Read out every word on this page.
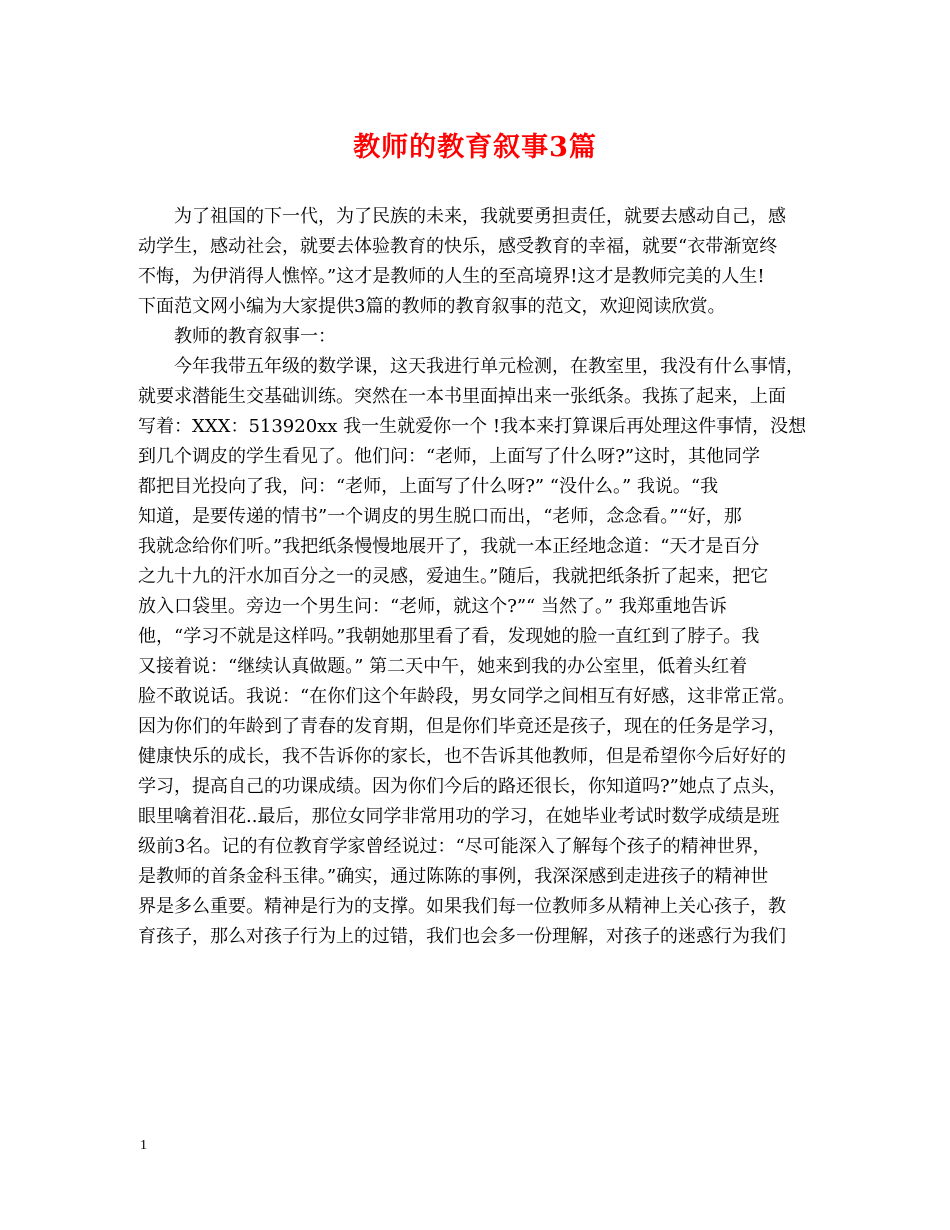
教师的教育叙事3篇

为了祖国的下一代，为了民族的未来，我就要勇担责任，就要去感动自己，感

动学生，感动社会，就要去体验教育的快乐，感受教育的幸福，就要“衣带渐宽终

不悔，为伊消得人憔悴。”这才是教师的人生的至高境界!这才是教师完美的人生!

下面范文网小编为大家提供3篇的教师的教育叙事的范文，欢迎阅读欣赏。

教师的教育叙事一：

今年我带五年级的数学课，这天我进行单元检测，在教室里，我没有什么事情，

就要求潜能生交基础训练。突然在一本书里面掉出来一张纸条。我拣了起来，上面

写着：XXX：513920xx 我一生就爱你一个 !我本来打算课后再处理这件事情，没想

到几个调皮的学生看见了。他们问：“老师，上面写了什么呀?”这时，其他同学

都把目光投向了我，问：“老师，上面写了什么呀?” “没什么。” 我说。“我

知道，是要传递的情书”一个调皮的男生脱口而出，“老师，念念看。”“好，那

我就念给你们听。”我把纸条慢慢地展开了，我就一本正经地念道：“天才是百分

之九十九的汗水加百分之一的灵感，爱迪生。”随后，我就把纸条折了起来，把它

放入口袋里。旁边一个男生问：“老师，就这个?”“ 当然了。” 我郑重地告诉

他，“学习不就是这样吗。”我朝她那里看了看，发现她的脸一直红到了脖子。我

又接着说：“继续认真做题。” 第二天中午，她来到我的办公室里，低着头红着

脸不敢说话。我说：“在你们这个年龄段，男女同学之间相互有好感，这非常正常。

因为你们的年龄到了青春的发育期，但是你们毕竟还是孩子，现在的任务是学习，

健康快乐的成长，我不告诉你的家长，也不告诉其他教师，但是希望你今后好好的

学习，提高自己的功课成绩。因为你们今后的路还很长，你知道吗?”她点了点头，

眼里噙着泪花..最后，那位女同学非常用功的学习，在她毕业考试时数学成绩是班

级前3名。记的有位教育学家曾经说过：“尽可能深入了解每个孩子的精神世界，

是教师的首条金科玉律。”确实，通过陈陈的事例，我深深感到走进孩子的精神世

界是多么重要。精神是行为的支撑。如果我们每一位教师多从精神上关心孩子，教

育孩子，那么对孩子行为上的过错，我们也会多一份理解，对孩子的迷惑行为我们

1
